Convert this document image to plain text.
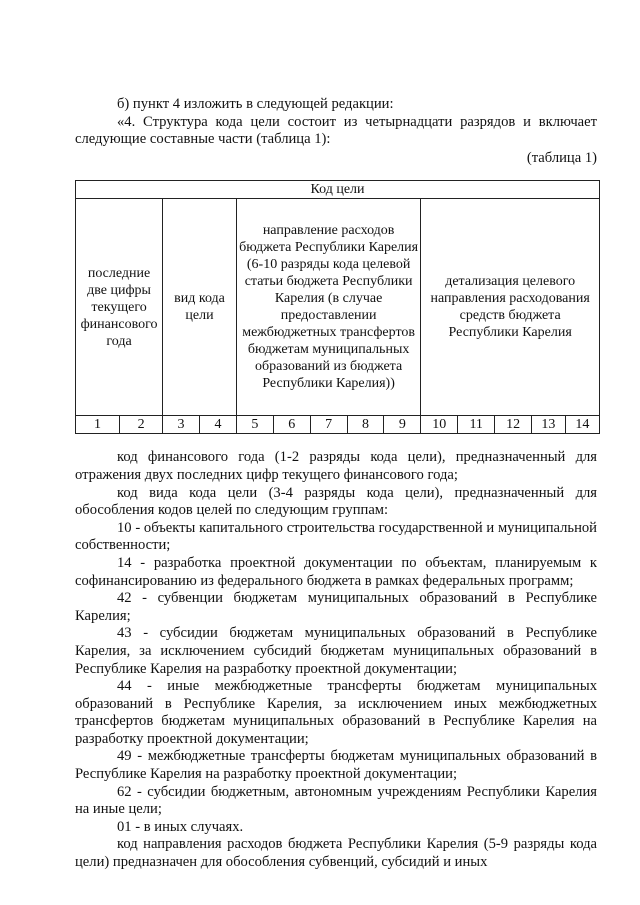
б) пункт 4 изложить в следующей редакции:

«4. Структура кода цели состоит из четырнадцати разрядов и включает следующие составные части (таблица 1):

(таблица 1)

Код цели													
последние две цифры текущего финансового года		вид кода цели		направление расходов бюджета Республики Карелия (6-10 разряды кода целевой статьи бюджета Республики Карелия (в случае предоставлении межбюджетных трансфертов бюджетам муниципальных образований из бюджета Республики Карелия))					детализация целевого направления расходования средств бюджета Республики Карелия				
1	2	3	4	5	6	7	8	9	10	11	12	13	14

код финансового года (1-2 разряды кода цели), предназначенный для отражения двух последних цифр текущего финансового года;

код вида кода цели (3-4 разряды кода цели), предназначенный для обособления кодов целей по следующим группам:

10 - объекты капитального строительства государственной и муниципальной собственности;

14 - разработка проектной документации по объектам, планируемым к софинансированию из федерального бюджета в рамках федеральных программ;

42 - субвенции бюджетам муниципальных образований в Республике Карелия;

43 - субсидии бюджетам муниципальных образований в Республике Карелия, за исключением субсидий бюджетам муниципальных образований в Республике Карелия на разработку проектной документации;

44 - иные межбюджетные трансферты бюджетам муниципальных образований в Республике Карелия, за исключением иных межбюджетных трансфертов бюджетам муниципальных образований в Республике Карелия на разработку проектной документации;

49 - межбюджетные трансферты бюджетам муниципальных образований в Республике Карелия на разработку проектной документации;

62 - субсидии бюджетным, автономным учреждениям Республики Карелия на иные цели;

01 - в иных случаях.

код направления расходов бюджета Республики Карелия (5-9 разряды кода цели) предназначен для обособления субвенций, субсидий и иных
